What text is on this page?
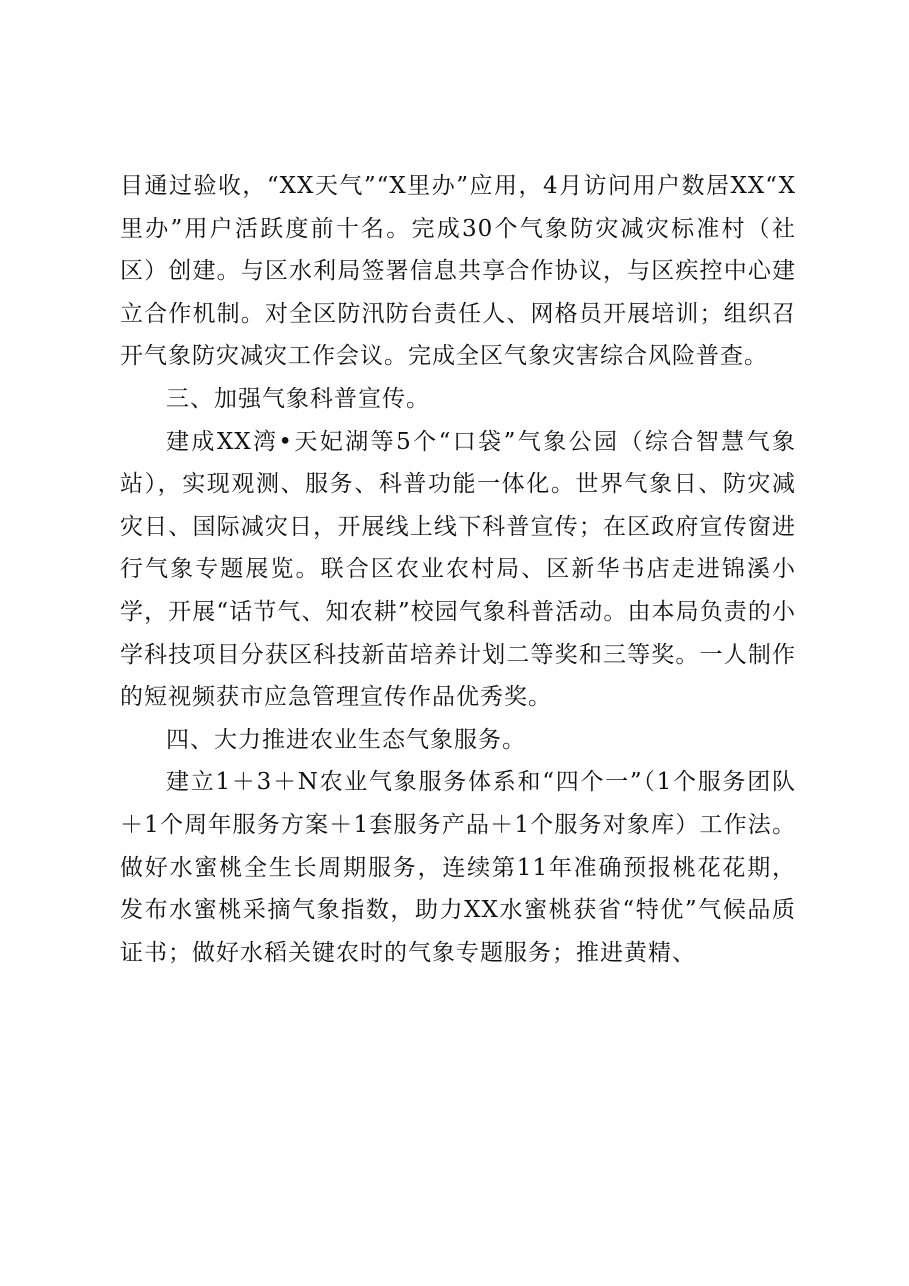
目通过验收，“XX天气”“X里办”应用，4月访问用户数居XX“X里办”用户活跃度前十名。完成30个气象防灾减灾标准村（社区）创建。与区水利局签署信息共享合作协议，与区疾控中心建立合作机制。对全区防汛防台责任人、网格员开展培训；组织召开气象防灾减灾工作会议。完成全区气象灾害综合风险普查。

三、加强气象科普宣传。

建成XX湾•天妃湖等5个“口袋”气象公园（综合智慧气象站），实现观测、服务、科普功能一体化。世界气象日、防灾减灾日、国际减灾日，开展线上线下科普宣传；在区政府宣传窗进行气象专题展览。联合区农业农村局、区新华书店走进锦溪小学，开展“话节气、知农耕”校园气象科普活动。由本局负责的小学科技项目分获区科技新苗培养计划二等奖和三等奖。一人制作的短视频获市应急管理宣传作品优秀奖。

四、大力推进农业生态气象服务。

建立1＋3＋N农业气象服务体系和“四个一”（1个服务团队＋1个周年服务方案＋1套服务产品＋1个服务对象库）工作法。做好水蜜桃全生长周期服务，连续第11年准确预报桃花花期，发布水蜜桃采摘气象指数，助力XX水蜜桃获省“特优”气候品质证书；做好水稻关键农时的气象专题服务；推进黄精、
